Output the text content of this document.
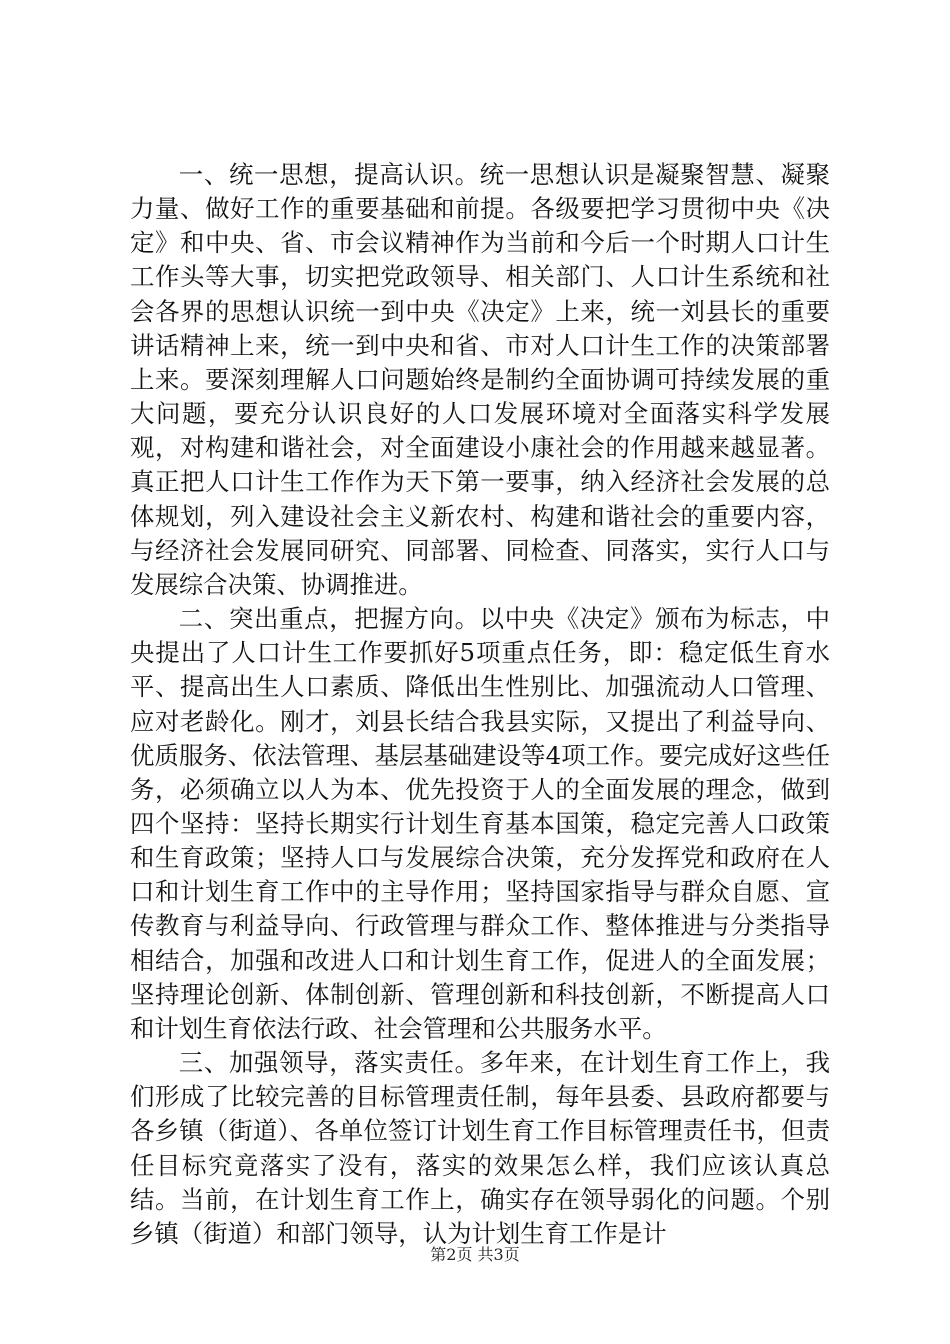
一、统一思想，提高认识。统一思想认识是凝聚智慧、凝聚力量、做好工作的重要基础和前提。各级要把学习贯彻中央《决定》和中央、省、市会议精神作为当前和今后一个时期人口计生工作头等大事，切实把党政领导、相关部门、人口计生系统和社会各界的思想认识统一到中央《决定》上来，统一刘县长的重要讲话精神上来，统一到中央和省、市对人口计生工作的决策部署上来。要深刻理解人口问题始终是制约全面协调可持续发展的重大问题，要充分认识良好的人口发展环境对全面落实科学发展观，对构建和谐社会，对全面建设小康社会的作用越来越显著。真正把人口计生工作作为天下第一要事，纳入经济社会发展的总体规划，列入建设社会主义新农村、构建和谐社会的重要内容，与经济社会发展同研究、同部署、同检查、同落实，实行人口与发展综合决策、协调推进。

二、突出重点，把握方向。以中央《决定》颁布为标志，中央提出了人口计生工作要抓好5项重点任务，即：稳定低生育水平、提高出生人口素质、降低出生性别比、加强流动人口管理、应对老龄化。刚才，刘县长结合我县实际，又提出了利益导向、优质服务、依法管理、基层基础建设等4项工作。要完成好这些任务，必须确立以人为本、优先投资于人的全面发展的理念，做到四个坚持：坚持长期实行计划生育基本国策，稳定完善人口政策和生育政策；坚持人口与发展综合决策，充分发挥党和政府在人口和计划生育工作中的主导作用；坚持国家指导与群众自愿、宣传教育与利益导向、行政管理与群众工作、整体推进与分类指导相结合，加强和改进人口和计划生育工作，促进人的全面发展；坚持理论创新、体制创新、管理创新和科技创新，不断提高人口和计划生育依法行政、社会管理和公共服务水平。

三、加强领导，落实责任。多年来，在计划生育工作上，我们形成了比较完善的目标管理责任制，每年县委、县政府都要与各乡镇（街道）、各单位签订计划生育工作目标管理责任书，但责任目标究竟落实了没有，落实的效果怎么样，我们应该认真总结。当前，在计划生育工作上，确实存在领导弱化的问题。个别乡镇（街道）和部门领导，认为计划生育工作是计

第2页 共3页
